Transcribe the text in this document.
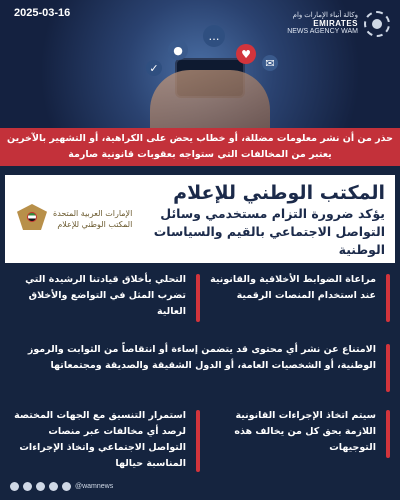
●
…
♥
✉
✓
2025-03-16	وكالة أنباء الإمارات وام
EMIRATES
NEWS AGENCY WAM
حذر من أن نشر معلومات مضللة، أو خطاب يحض على الكراهية، أو التشهير بالآخرين يعتبر من المخالفات التي ستواجه بعقوبات قانونية صارمة
الإمارات العربية المتحدة
المكتب الوطني للإعلام
المكتب الوطني للإعلام
يؤكد ضرورة التزام مستخدمي وسائل التواصل الاجتماعي بالقيم والسياسات الوطنية
مراعاة الضوابط الأخلاقية والقانونية عند استخدام المنصات الرقمية
التحلي بأخلاق قيادتنا الرشيدة التي تضرب المثل في التواضع والأخلاق العالية
الامتناع عن نشر أي محتوى قد يتضمن إساءة أو انتقاصاً من الثوابت والرموز الوطنية، أو الشخصيات العامة، أو الدول الشقيقة والصديقة ومجتمعاتها
سيتم اتخاذ الإجراءات القانونية اللازمة بحق كل من يخالف هذه التوجيهات
استمرار التنسيق مع الجهات المختصة لرصد أي مخالفات عبر منصات التواصل الاجتماعي واتخاذ الإجراءات المناسبة حيالها
@wamnews
